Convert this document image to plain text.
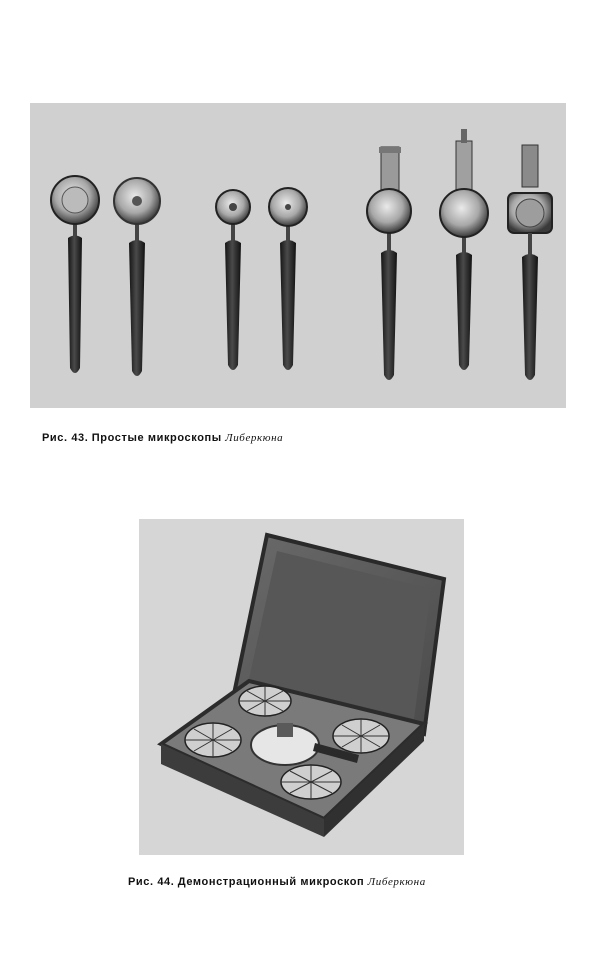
Рис. 43. Простые микроскопы Либеркюна
Рис. 44. Демонстрационный микроскоп Либеркюна
